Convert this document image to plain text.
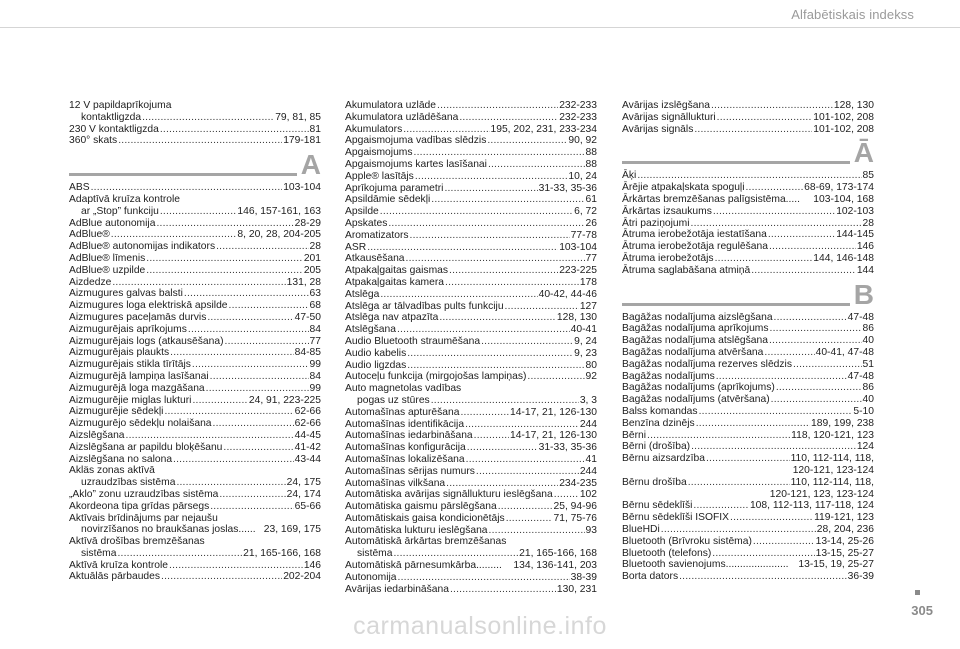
Alfabētiskais indekss
12 V papildaprīkojuma
kontaktligzda .....	79, 81, 85
230 V kontaktligzda .....	81
360° skats .....	179-181
A
ABS .....	103-104
Adaptīvā kruīza kontrole
ar „Stop” funkciju .....	146, 157-161, 163
AdBlue autonomija .....	28-29
AdBlue® .....	8, 20, 28, 204-205
AdBlue® autonomijas indikators .....	28
AdBlue® līmenis .....	201
AdBlue® uzpilde .....	205
Aizdedze .....	131, 28
Aizmugures galvas balsti .....	63
Aizmugures loga elektriskā apsilde .....	68
Aizmugures paceļamās durvis .....	47-50
Aizmugurējais aprīkojums .....	84
Aizmugurējais logs (atkausēšana) .....	77
Aizmugurējais plaukts .....	84-85
Aizmugurējais stikla tīrītājs .....	99
Aizmugurējā lampiņa lasīšanai .....	84
Aizmugurējā loga mazgāšana .....	99
Aizmugurējie miglas lukturi .....	24, 91, 223-225
Aizmugurējie sēdekļi .....	62-66
Aizmugurējo sēdekļu nolaišana .....	62-66
Aizslēgšana .....	44-45
Aizslēgšana ar papildu bloķēšanu .....	41-42
Aizslēgšana no salona .....	43-44
Akläs zonas aktīvā
uzraudzības sistēma .....	24, 175
„Aklo” zonu uzraudzības sistēma .....	24, 174
Akordeona tipa grīdas pārsegs .....	65-66
Aktīvais brīdinājums par nejaušu
novirzīšanos no braukšanas joslas...... 23, 169, 175
Aktīvā drošības bremzēšanas
sistēma .....	21, 165-166, 168
Aktīvā kruīza kontrole .....	146
Aktuālās pārbaudes .....	202-204
Akumulatora uzlāde .....	232-233
Akumulatora uzlādēšana .....	232-233
Akumulators .....	195, 202, 231, 233-234
Apgaismojuma vadības slēdzis .....	90, 92
Apgaismojums .....	88
Apgaismojums kartes lasīšanai .....	88
Apple® lasītājs .....	10, 24
Aprīkojuma parametri .....	31-33, 35-36
Apsildāmie sēdekļi .....	61
Apsilde .....	6, 72
Apskates .....	26
Aromatizators .....	77-78
ASR .....	103-104
Atkausēšana .....	77
Atpakaļgaitas gaismas .....	223-225
Atpakaļgaitas kamera .....	178
Atslēga .....	40-42, 44-46
Atslēga ar tālvadības pults funkciju .....	127
Atslēga nav atpazīta .....	128, 130
Atslēgšana .....	40-41
Audio Bluetooth straumēšana .....	9, 24
Audio kabelis .....	9, 23
Audio ligzdas .....	80
Autoceļu funkcija (mirgojošas lampiņas) .....	92
Auto magnetolas vadības
pogas uz stūres .....	3, 3
Automašīnas apturēšana .....	14-17, 21, 126-130
Automašīnas identifikācija .....	244
Automašīnas iedarbināšana .....	14-17, 21, 126-130
Automašīnas konfigurācija .....	31-33, 35-36
Automašīnas lokalizēšana .....	41
Automašīnas sērijas numurs .....	244
Automašīnas vilkšana .....	234-235
Automātiska avārijas signāllukturu ieslēgšana .....	102
Automātiska gaismu pārslēgšana .....	25, 94-96
Automātiskais gaisa kondicionētājs .....	71, 75-76
Automātiska lukturu ieslēgšana .....	93
Automātiskā ārkārtas bremzēšanas
sistēma .....	21, 165-166, 168
Automātiskā pārnesumkārba......... 134, 136-141, 203
Autonomija .....	38-39
Avārijas iedarbināšana .....	130, 231
Avārijas izslēgšana .....	128, 130
Avārijas signāllukturi .....	101-102, 208
Avārijas signāls .....	101-102, 208
Ā
Āķi .....	85
Ārējie atpakaļskata spoguļi .....	68-69, 173-174
Ārkārtas bremzēšanas palīgsistēma..... 103-104, 168
Ārkārtas izsaukums .....	102-103
Ātri paziņojumi .....	28
Ātruma ierobežotāja iestatīšana .....	144-145
Ātruma ierobežotāja regulēšana .....	146
Ātruma ierobežotājs .....	144, 146-148
Ātruma saglabāšana atmiņā .....	144
B
Bagāžas nodalījuma aizslēgšana .....	47-48
Bagāžas nodalījuma aprīkojums .....	86
Bagāžas nodalījuma atslēgšana .....	40
Bagāžas nodalījuma atvēršana .....	40-41, 47-48
Bagāžas nodalījuma rezerves slēdzis .....	51
Bagāžas nodalījums .....	47-48
Bagāžas nodalījums (aprīkojums) .....	86
Bagāžas nodalījums (atvēršana) .....	40
Balss komandas .....	5-10
Benzīna dzinējs .....	189, 199, 238
Bērni .....	118, 120-121, 123
Bērni (drošība) .....	124
Bērnu aizsardzība .....	110, 112-114, 118,
120-121, 123-124
Bērnu drošība .....	110, 112-114, 118,
120-121, 123, 123-124
Bērnu sēdeklīši .....	108, 112-113, 117-118, 124
Bērnu sēdeklīši ISOFIX .....	119-121, 123
BlueHDi .....	28, 204, 236
Bluetooth (Brīvroku sistēma) .....	13-14, 25-26
Bluetooth (telefons) .....	13-15, 25-27
Bluetooth savienojums...................... 13-15, 19, 25-27
Borta dators .....	36-39
305
carmanualsonline.info
